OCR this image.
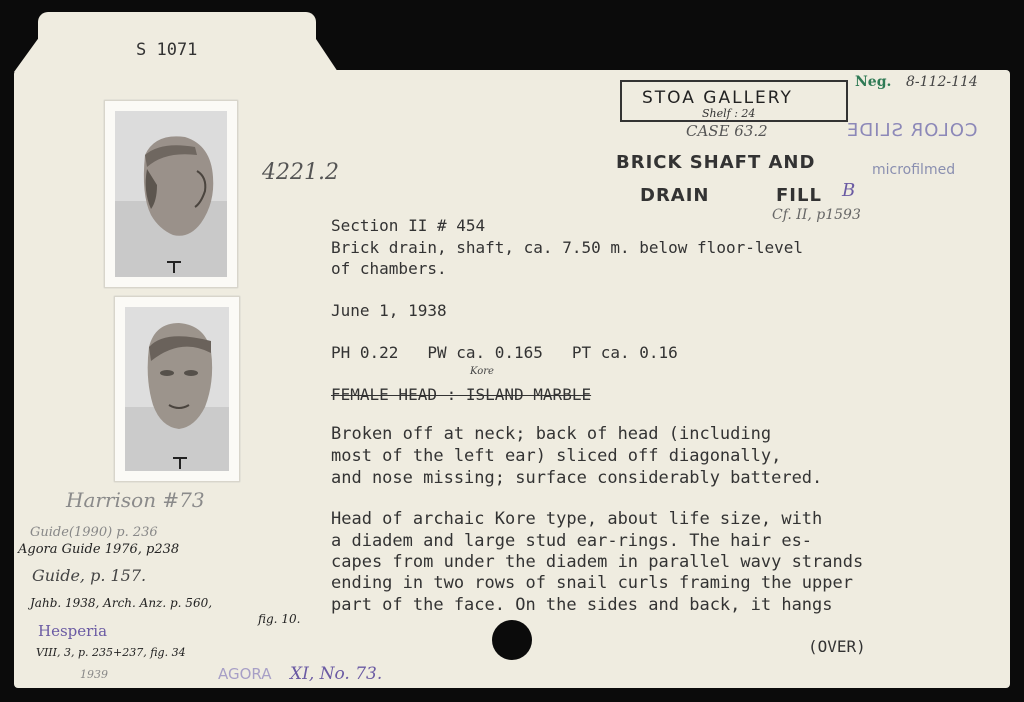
S 1071
4221.2
STOA GALLERY
Shelf : 24
CASE 63.2
Neg. 8-112-114
COLOR SLIDE
microfilmed
BRICK SHAFT AND
DRAIN	FILL B
Cf. II, p1593
Section II # 454
Brick drain, shaft, ca. 7.50 m. below floor-level
of chambers.
June 1, 1938
PH 0.22   PW ca. 0.165   PT ca. 0.16
Kore
FEMALE HEAD : ISLAND MARBLE
Broken off at neck; back of head (including
most of the left ear) sliced off diagonally,
and nose missing; surface considerably battered.
Head of archaic Kore type, about life size, with
a diadem and large stud ear-rings. The hair es-
capes from under the diadem in parallel wavy strands
ending in two rows of snail curls framing the upper
part of the face. On the sides and back, it hangs
(OVER)
Harrison #73
Guide(1990) p. 236
Agora Guide 1976, p238
Guide, p. 157.
Jahb. 1938, Arch. Anz. p. 560,
fig. 10.
Hesperia
VIII, 3, p. 235+237, fig. 34
1939	AGORA XI, No. 73.
